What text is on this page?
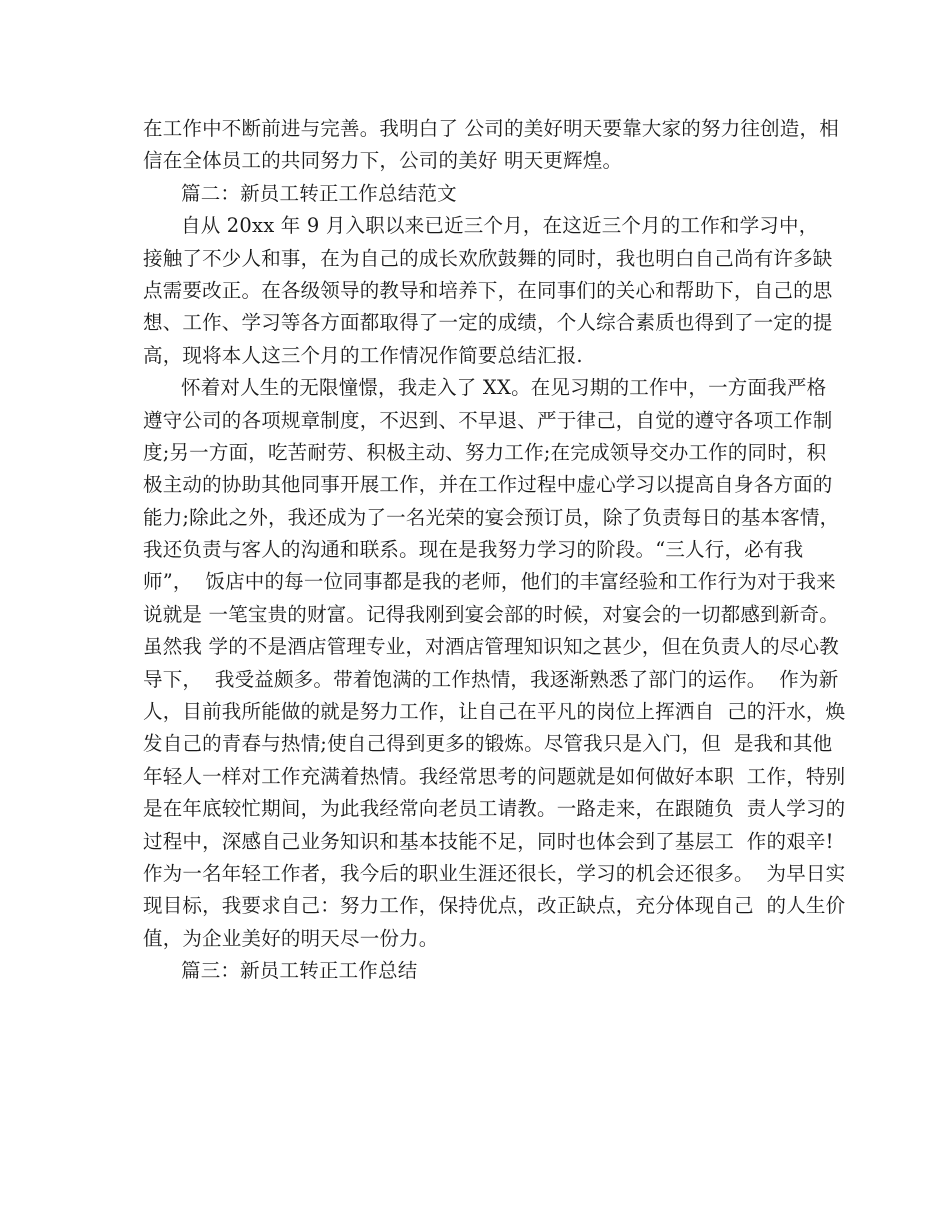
在工作中不断前进与完善。我明白了 公司的美好明天要靠大家的努力往创造，相
信在全体员工的共同努力下，公司的美好 明天更辉煌。
篇二：新员工转正工作总结范文
自从 20xx 年 9 月入职以来已近三个月，在这近三个月的工作和学习中，
接触了不少人和事，在为自己的成长欢欣鼓舞的同时，我也明白自己尚有许多缺
点需要改正。在各级领导的教导和培养下，在同事们的关心和帮助下，自己的思
想、工作、学习等各方面都取得了一定的成绩，个人综合素质也得到了一定的提
高，现将本人这三个月的工作情况作简要总结汇报.
怀着对人生的无限憧憬，我走入了 XX。在见习期的工作中，一方面我严格
遵守公司的各项规章制度，不迟到、不早退、严于律己，自觉的遵守各项工作制
度;另一方面，吃苦耐劳、积极主动、努力工作;在完成领导交办工作的同时，积
极主动的协助其他同事开展工作，并在工作过程中虚心学习以提高自身各方面的
能力;除此之外，我还成为了一名光荣的宴会预订员，除了负责每日的基本客情，
我还负责与客人的沟通和联系。现在是我努力学习的阶段。“三人行，必有我
师”，  饭店中的每一位同事都是我的老师，他们的丰富经验和工作行为对于我来
说就是 一笔宝贵的财富。记得我刚到宴会部的时候，对宴会的一切都感到新奇。
虽然我 学的不是酒店管理专业，对酒店管理知识知之甚少，但在负责人的尽心教
导下，  我受益颇多。带着饱满的工作热情，我逐渐熟悉了部门的运作。  作为新
人，目前我所能做的就是努力工作，让自己在平凡的岗位上挥洒自  己的汗水，焕
发自己的青春与热情;使自己得到更多的锻炼。尽管我只是入门，但  是我和其他
年轻人一样对工作充满着热情。我经常思考的问题就是如何做好本职  工作，特别
是在年底较忙期间，为此我经常向老员工请教。一路走来，在跟随负  责人学习的
过程中，深感自己业务知识和基本技能不足，同时也体会到了基层工  作的艰辛!
作为一名年轻工作者，我今后的职业生涯还很长，学习的机会还很多。  为早日实
现目标，我要求自己：努力工作，保持优点，改正缺点，充分体现自己  的人生价
值，为企业美好的明天尽一份力。
篇三：新员工转正工作总结
